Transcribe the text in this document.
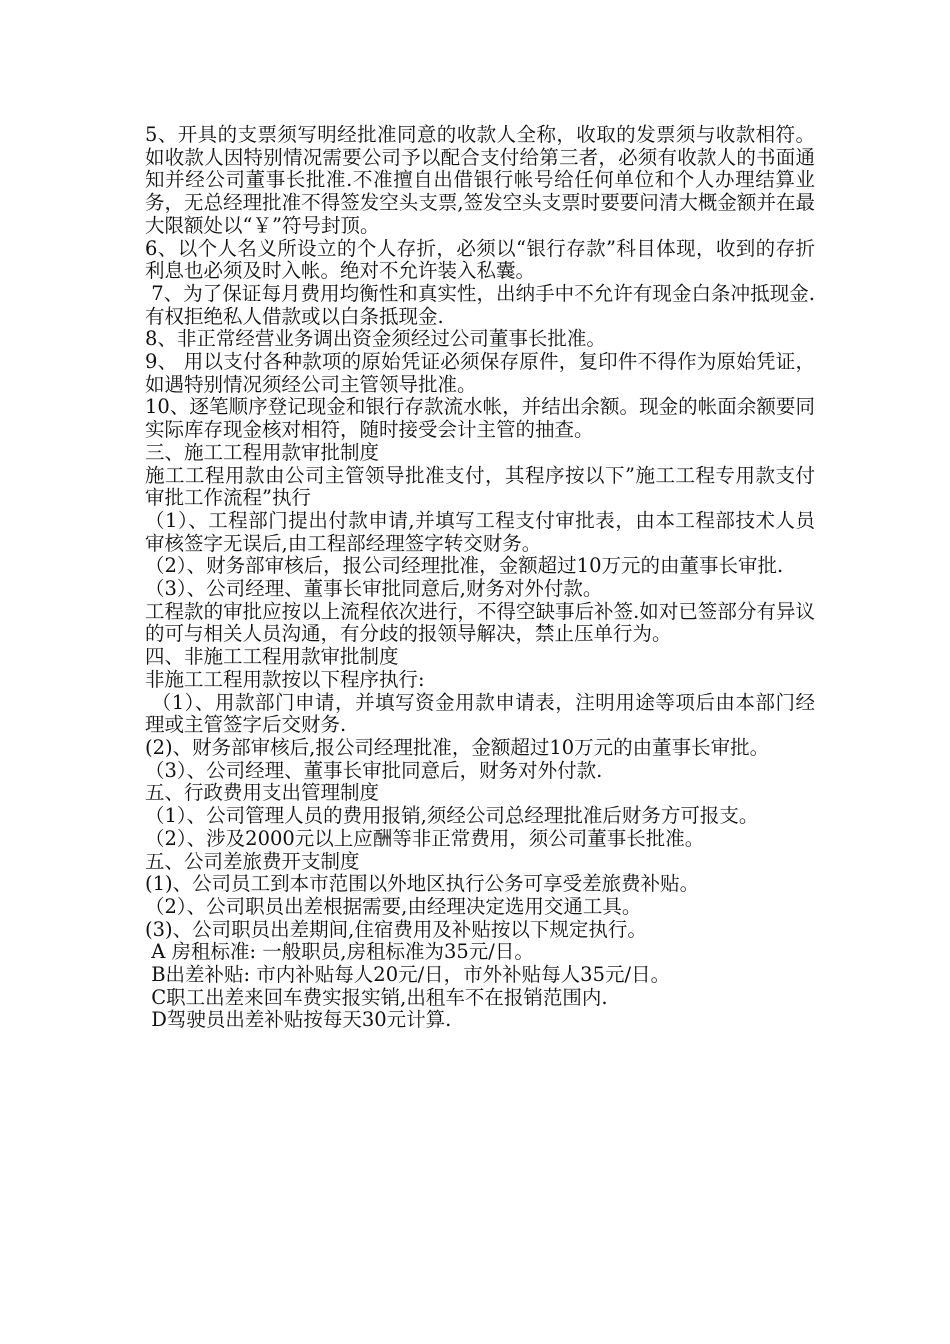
5、开具的支票须写明经批准同意的收款人全称，收取的发票须与收款相符。如收款人因特别情况需要公司予以配合支付给第三者，必须有收款人的书面通知并经公司董事长批准.不准擅自出借银行帐号给任何单位和个人办理结算业务，无总经理批准不得签发空头支票,签发空头支票时要要问清大概金额并在最大限额处以“￥”符号封顶。

6、以个人名义所设立的个人存折，必须以“银行存款”科目体现，收到的存折利息也必须及时入帐。绝对不允许装入私囊。

7、为了保证每月费用均衡性和真实性，出纳手中不允许有现金白条冲抵现金.有权拒绝私人借款或以白条抵现金.

8、非正常经营业务调出资金须经过公司董事长批准。

9、 用以支付各种款项的原始凭证必须保存原件，复印件不得作为原始凭证，如遇特别情况须经公司主管领导批准。

10、逐笔顺序登记现金和银行存款流水帐，并结出余额。现金的帐面余额要同实际库存现金核对相符，随时接受会计主管的抽查。

三、施工工程用款审批制度

施工工程用款由公司主管领导批准支付，其程序按以下”施工工程专用款支付审批工作流程”执行

（1）、工程部门提出付款申请,并填写工程支付审批表，由本工程部技术人员审核签字无误后,由工程部经理签字转交财务。

（2）、财务部审核后，报公司经理批准，金额超过10万元的由董事长审批.

（3）、公司经理、董事长审批同意后,财务对外付款。

工程款的审批应按以上流程依次进行，不得空缺事后补签.如对已签部分有异议的可与相关人员沟通，有分歧的报领导解决，禁止压单行为。

四、非施工工程用款审批制度

非施工工程用款按以下程序执行:

（1）、用款部门申请，并填写资金用款申请表，注明用途等项后由本部门经理或主管签字后交财务.

(2)、财务部审核后,报公司经理批准，金额超过10万元的由董事长审批。

（3）、公司经理、董事长审批同意后，财务对外付款.

五、行政费用支出管理制度

（1）、公司管理人员的费用报销,须经公司总经理批准后财务方可报支。

（2）、涉及2000元以上应酬等非正常费用，须公司董事长批准。

五、公司差旅费开支制度

(1)、公司员工到本市范围以外地区执行公务可享受差旅费补贴。

（2）、公司职员出差根据需要,由经理决定选用交通工具。

(3)、公司职员出差期间,住宿费用及补贴按以下规定执行。

A 房租标准: 一般职员,房租标准为35元/日。

B出差补贴: 市内补贴每人20元/日，市外补贴每人35元/日。

C职工出差来回车费实报实销,出租车不在报销范围内.

D驾驶员出差补贴按每天30元计算.
